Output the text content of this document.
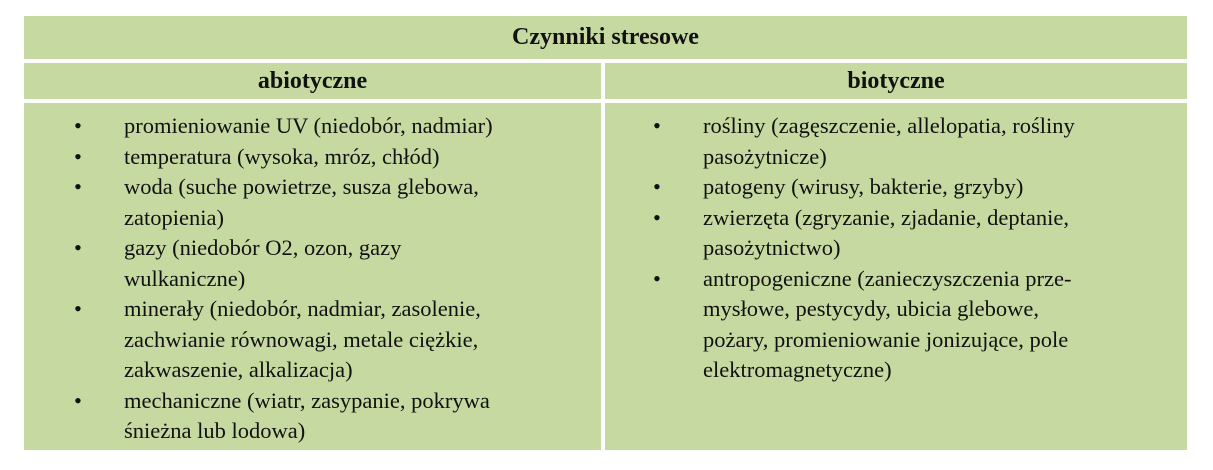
Czynniki stresowe
abiotyczne	biotyczne
• promieniowanie UV (niedobór, nadmiar)
• temperatura (wysoka, mróz, chłód)
• woda (suche powietrze, susza glebowa,
zatopienia)
• gazy (niedobór O2, ozon, gazy
wulkaniczne)
• minerały (niedobór, nadmiar, zasolenie,
zachwianie równowagi, metale ciężkie,
zakwaszenie, alkalizacja)
• mechaniczne (wiatr, zasypanie, pokrywa
śnieżna lub lodowa)
• rośliny (zagęszczenie, allelopatia, rośliny
pasożytnicze)
• patogeny (wirusy, bakterie, grzyby)
• zwierzęta (zgryzanie, zjadanie, deptanie,
pasożytnictwo)
• antropogeniczne (zanieczyszczenia prze-
mysłowe, pestycydy, ubicia glebowe,
pożary, promieniowanie jonizujące, pole
elektromagnetyczne)
